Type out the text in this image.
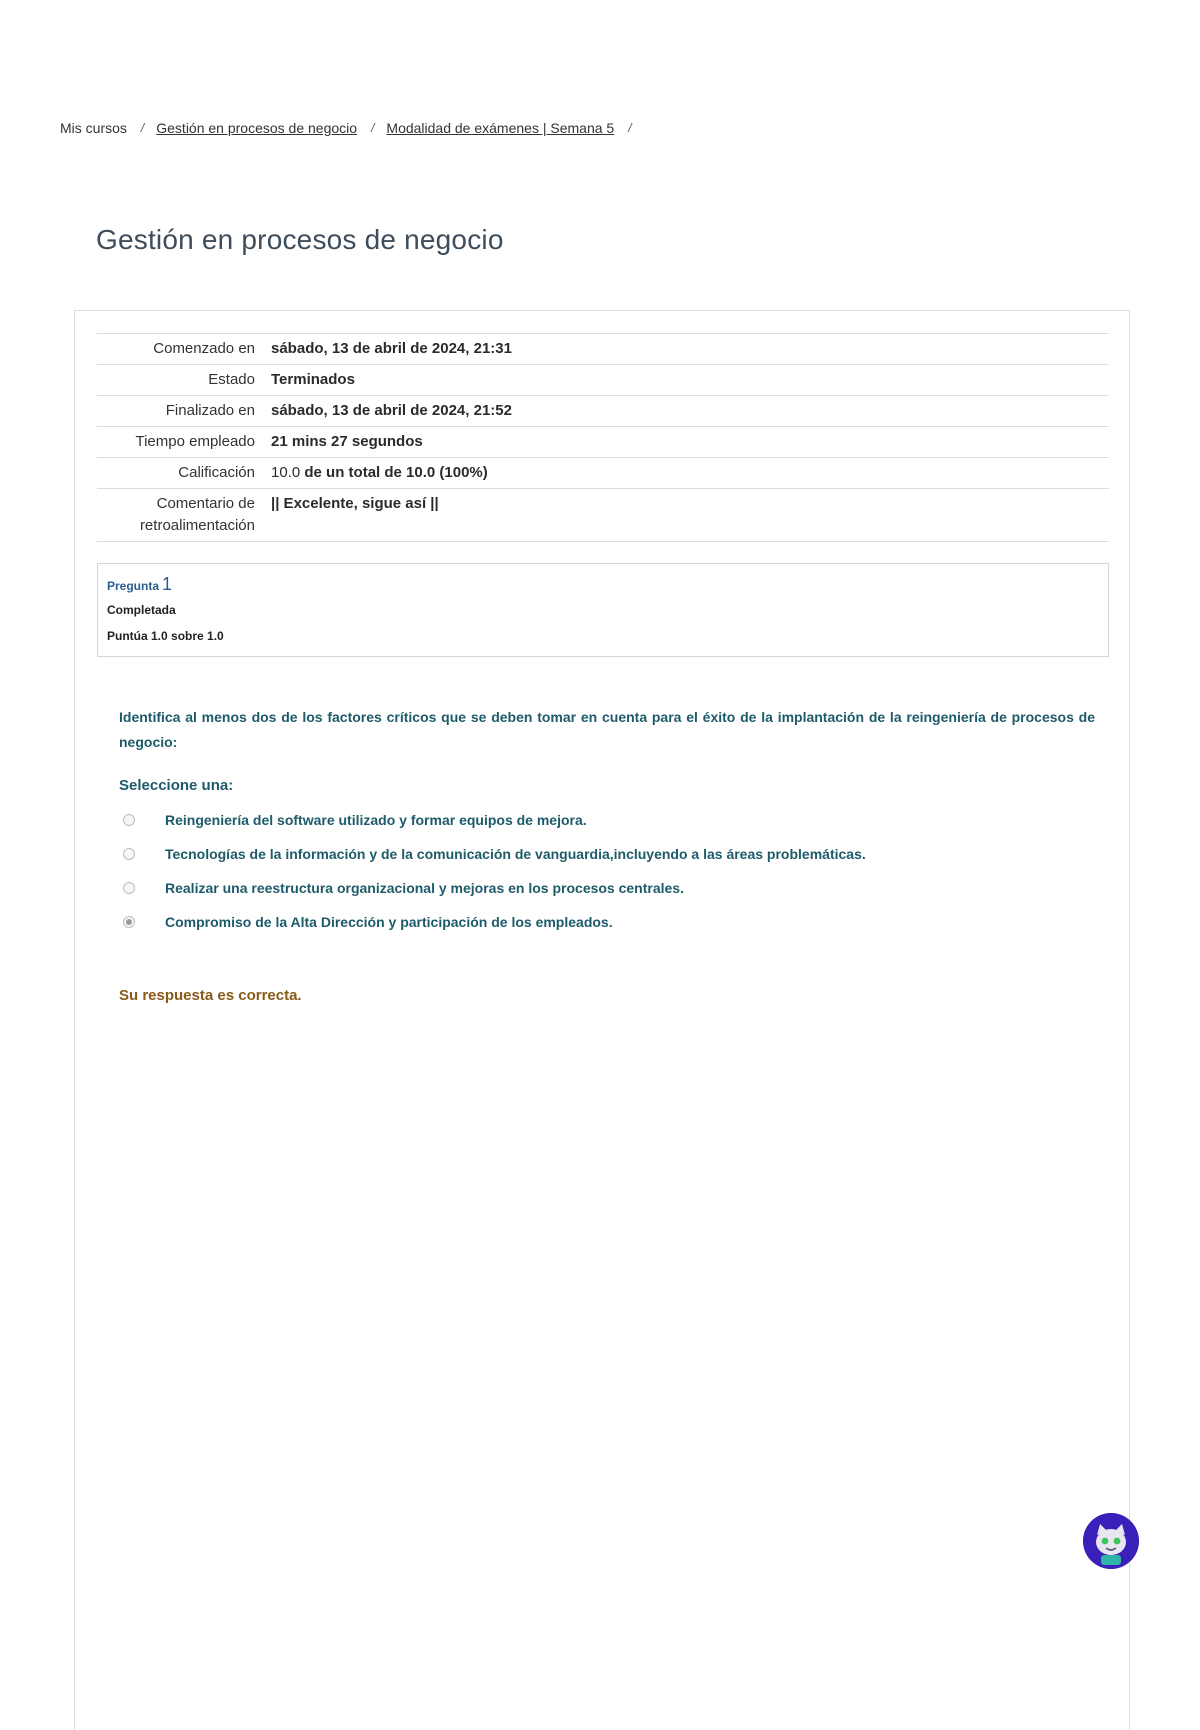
Mis cursos / Gestión en procesos de negocio / Modalidad de exámenes | Semana 5 /
Gestión en procesos de negocio
Comenzado en	sábado, 13 de abril de 2024, 21:31
Estado	Terminados
Finalizado en	sábado, 13 de abril de 2024, 21:52
Tiempo empleado	21 mins 27 segundos
Calificación	10.0 de un total de 10.0 (100%)
Comentario de retroalimentación	|| Excelente, sigue así ||
Pregunta 1
Completada
Puntúa 1.0 sobre 1.0
Identifica al menos dos de los factores críticos que se deben tomar en cuenta para el éxito de la implantación de la reingeniería de procesos de negocio:
Seleccione una:
Reingeniería del software utilizado y formar equipos de mejora.
Tecnologías de la información y de la comunicación de vanguardia,incluyendo a las áreas problemáticas.
Realizar una reestructura organizacional y mejoras en los procesos centrales.
Compromiso de la Alta Dirección y participación de los empleados.
Su respuesta es correcta.
